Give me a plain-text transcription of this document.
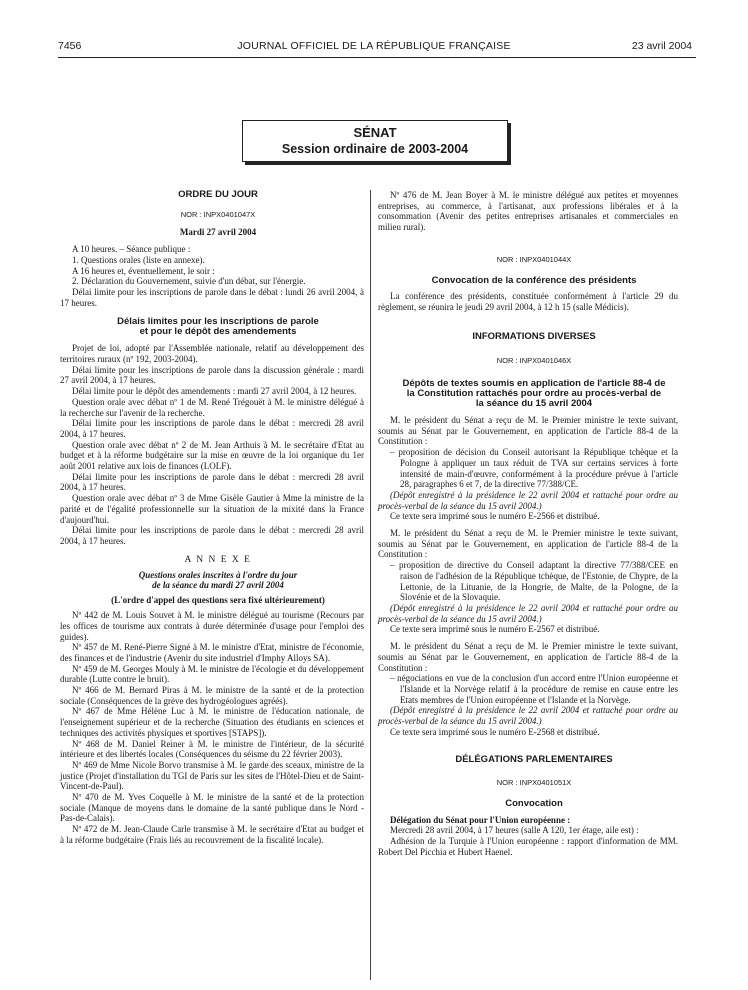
7456	JOURNAL OFFICIEL DE LA RÉPUBLIQUE FRANÇAISE	23 avril 2004
SÉNAT
Session ordinaire de 2003-2004

ORDRE DU JOUR

NOR : INPX0401047X

Mardi 27 avril 2004

A 10 heures. – Séance publique :

1. Questions orales (liste en annexe).

A 16 heures et, éventuellement, le soir :

2. Déclaration du Gouvernement, suivie d'un débat, sur l'énergie.

Délai limite pour les inscriptions de parole dans le débat : lundi 26 avril 2004, à 17 heures.

Délais limites pour les inscriptions de parole

et pour le dépôt des amendements

Projet de loi, adopté par l'Assemblée nationale, relatif au développement des territoires ruraux (nº 192, 2003-2004).

Délai limite pour les inscriptions de parole dans la discussion générale : mardi 27 avril 2004, à 17 heures.

Délai limite pour le dépôt des amendements : mardi 27 avril 2004, à 12 heures.

Question orale avec débat nº 1 de M. René Trégouët à M. le ministre délégué à la recherche sur l'avenir de la recherche.

Délai limite pour les inscriptions de parole dans le débat : mercredi 28 avril 2004, à 17 heures.

Question orale avec débat nº 2 de M. Jean Arthuis à M. le secrétaire d'Etat au budget et à la réforme budgétaire sur la mise en œuvre de la loi organique du 1er août 2001 relative aux lois de finances (LOLF).

Délai limite pour les inscriptions de parole dans le débat : mercredi 28 avril 2004, à 17 heures.

Question orale avec débat nº 3 de Mme Gisèle Gautier à Mme la ministre de la parité et de l'égalité professionnelle sur la situation de la mixité dans la France d'aujourd'hui.

Délai limite pour les inscriptions de parole dans le débat : mercredi 28 avril 2004, à 17 heures.

A N N E X E

Questions orales inscrites à l'ordre du jour

de la séance du mardi 27 avril 2004

(L'ordre d'appel des questions sera fixé ultérieurement)

Nº 442 de M. Louis Souvet à M. le ministre délégué au tourisme (Recours par les offices de tourisme aux contrats à durée déterminée d'usage pour l'emploi des guides).

Nº 457 de M. René-Pierre Signé à M. le ministre d'Etat, ministre de l'économie, des finances et de l'industrie (Avenir du site industriel d'Imphy Alloys SA).

Nº 459 de M. Georges Mouly à M. le ministre de l'écologie et du développement durable (Lutte contre le bruit).

Nº 466 de M. Bernard Piras à M. le ministre de la santé et de la protection sociale (Conséquences de la grève des hydrogéologues agréés).

Nº 467 de Mme Hélène Luc à M. le ministre de l'éducation nationale, de l'enseignement supérieur et de la recherche (Situation des étudiants en sciences et techniques des activités physiques et sportives [STAPS]).

Nº 468 de M. Daniel Reiner à M. le ministre de l'intérieur, de la sécurité intérieure et des libertés locales (Conséquences du séisme du 22 février 2003).

Nº 469 de Mme Nicole Borvo transmise à M. le garde des sceaux, ministre de la justice (Projet d'installation du TGI de Paris sur les sites de l'Hôtel-Dieu et de Saint-Vincent-de-Paul).

Nº 470 de M. Yves Coquelle à M. le ministre de la santé et de la protection sociale (Manque de moyens dans le domaine de la santé publique dans le Nord - Pas-de-Calais).

Nº 472 de M. Jean-Claude Carle transmise à M. le secrétaire d'Etat au budget et à la réforme budgétaire (Frais liés au recouvrement de la fiscalité locale).

Nº 476 de M. Jean Boyer à M. le ministre délégué aux petites et moyennes entreprises, au commerce, à l'artisanat, aux professions libérales et à la consommation (Avenir des petites entreprises artisanales et commerciales en milieu rural).

NOR : INPX0401044X

Convocation de la conférence des présidents

La conférence des présidents, constituée conformément à l'article 29 du règlement, se réunira le jeudi 29 avril 2004, à 12 h 15 (salle Médicis).

INFORMATIONS DIVERSES

NOR : INPX0401046X

Dépôts de textes soumis en application de l'article 88-4 de

la Constitution rattachés pour ordre au procès-verbal de

la séance du 15 avril 2004

M. le président du Sénat a reçu de M. le Premier ministre le texte suivant, soumis au Sénat par le Gouvernement, en application de l'article 88-4 de la Constitution :

– proposition de décision du Conseil autorisant la République tchèque et la Pologne à appliquer un taux réduit de TVA sur certains services à forte intensité de main-d'œuvre, conformément à la procédure prévue à l'article 28, paragraphes 6 et 7, de la directive 77/388/CE.

(Dépôt enregistré à la présidence le 22 avril 2004 et rattaché pour ordre au procès-verbal de la séance du 15 avril 2004.)

Ce texte sera imprimé sous le numéro E-2566 et distribué.

M. le président du Sénat a reçu de M. le Premier ministre le texte suivant, soumis au Sénat par le Gouvernement, en application de l'article 88-4 de la Constitution :

– proposition de directive du Conseil adaptant la directive 77/388/CEE en raison de l'adhésion de la République tchèque, de l'Estonie, de Chypre, de la Lettonie, de la Lituanie, de la Hongrie, de Malte, de la Pologne, de la Slovénie et de la Slovaquie.

(Dépôt enregistré à la présidence le 22 avril 2004 et rattaché pour ordre au procès-verbal de la séance du 15 avril 2004.)

Ce texte sera imprimé sous le numéro E-2567 et distribué.

M. le président du Sénat a reçu de M. le Premier ministre le texte suivant, soumis au Sénat par le Gouvernement, en application de l'article 88-4 de la Constitution :

– négociations en vue de la conclusion d'un accord entre l'Union européenne et l'Islande et la Norvège relatif à la procédure de remise en cause entre les Etats membres de l'Union européenne et l'Islande et la Norvège.

(Dépôt enregistré à la présidence le 22 avril 2004 et rattaché pour ordre au procès-verbal de la séance du 15 avril 2004.)

Ce texte sera imprimé sous le numéro E-2568 et distribué.

DÉLÉGATIONS PARLEMENTAIRES

NOR : INPX0401051X

Convocation

Délégation du Sénat pour l'Union européenne :

Mercredi 28 avril 2004, à 17 heures (salle A 120, 1er étage, aile est) :

Adhésion de la Turquie à l'Union européenne : rapport d'information de MM. Robert Del Picchia et Hubert Haenel.
